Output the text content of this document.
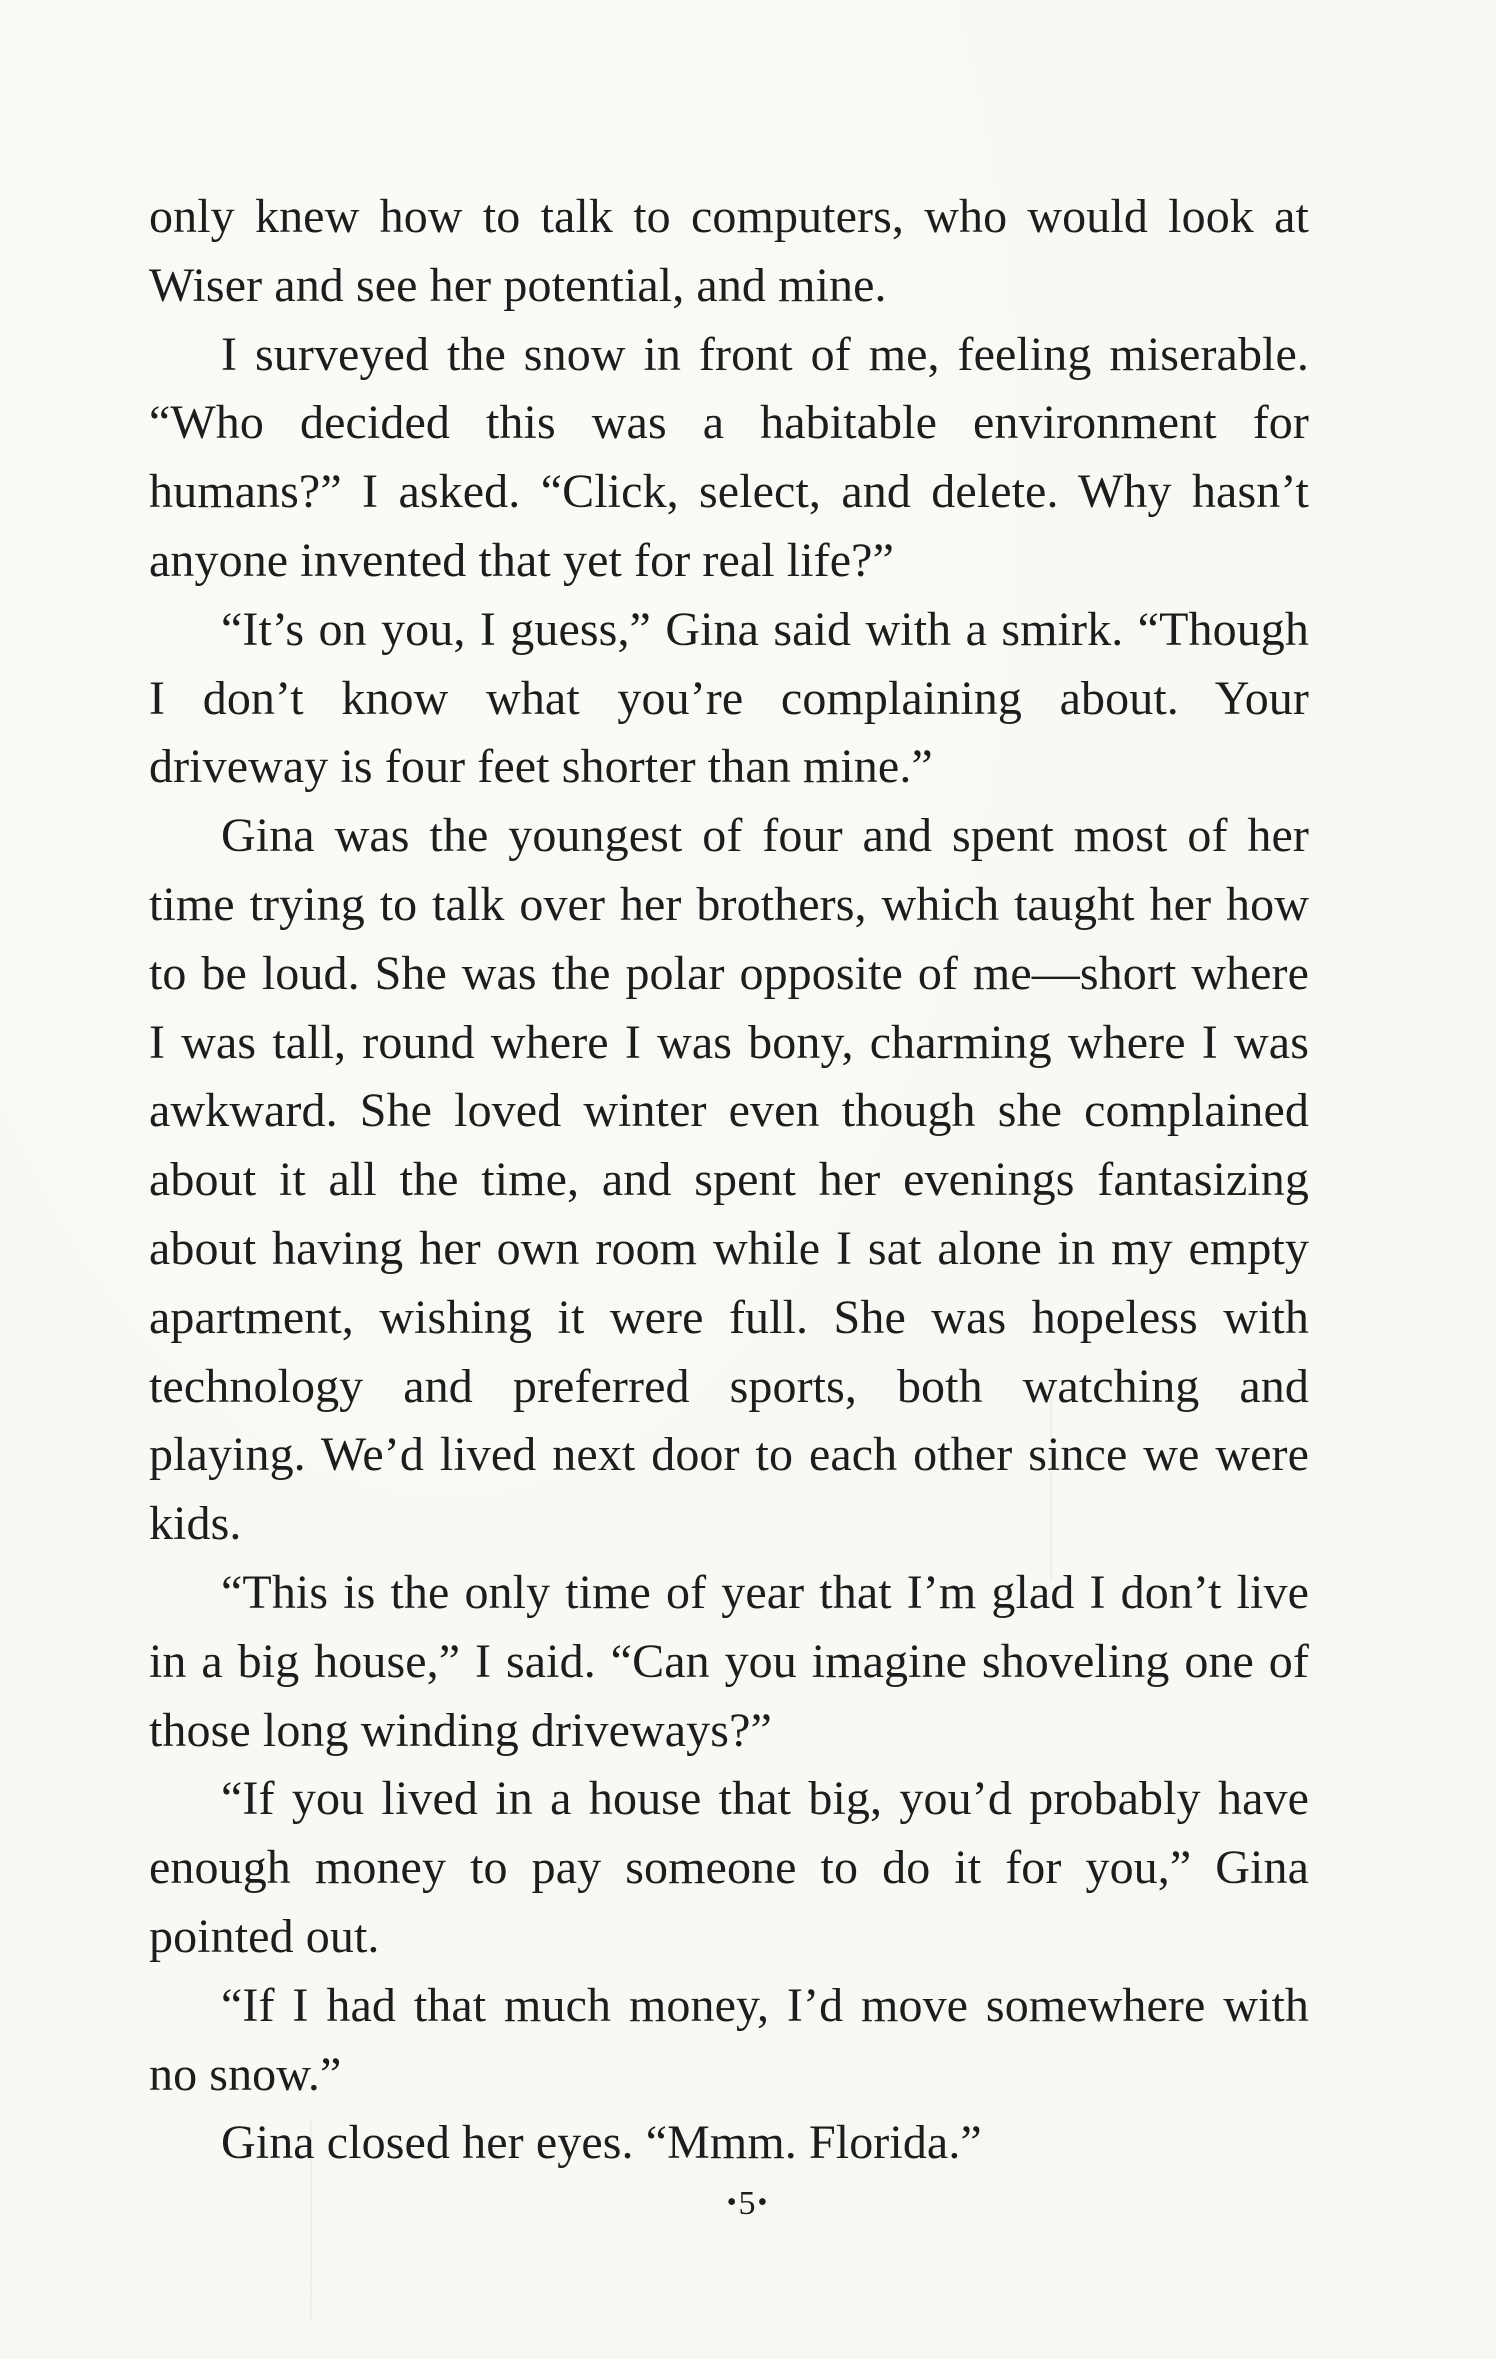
only knew how to talk to computers, who would look at Wiser and see her potential, and mine.

I surveyed the snow in front of me, feeling miserable. “Who decided this was a habitable environment for humans?” I asked. “Click, select, and delete. Why hasn’t anyone invented that yet for real life?”

“It’s on you, I guess,” Gina said with a smirk. “Though I don’t know what you’re complaining about. Your driveway is four feet shorter than mine.”

Gina was the youngest of four and spent most of her time trying to talk over her brothers, which taught her how to be loud. She was the polar opposite of me—short where I was tall, round where I was bony, charming where I was awkward. She loved winter even though she complained about it all the time, and spent her evenings fantasizing about having her own room while I sat alone in my empty apartment, wishing it were full. She was hopeless with technology and preferred sports, both watching and playing. We’d lived next door to each other since we were kids.

“This is the only time of year that I’m glad I don’t live in a big house,” I said. “Can you imagine shoveling one of those long winding driveways?”

“If you lived in a house that big, you’d probably have enough money to pay someone to do it for you,” Gina pointed out.

“If I had that much money, I’d move somewhere with no snow.”

Gina closed her eyes. “Mmm. Florida.”

•5•
